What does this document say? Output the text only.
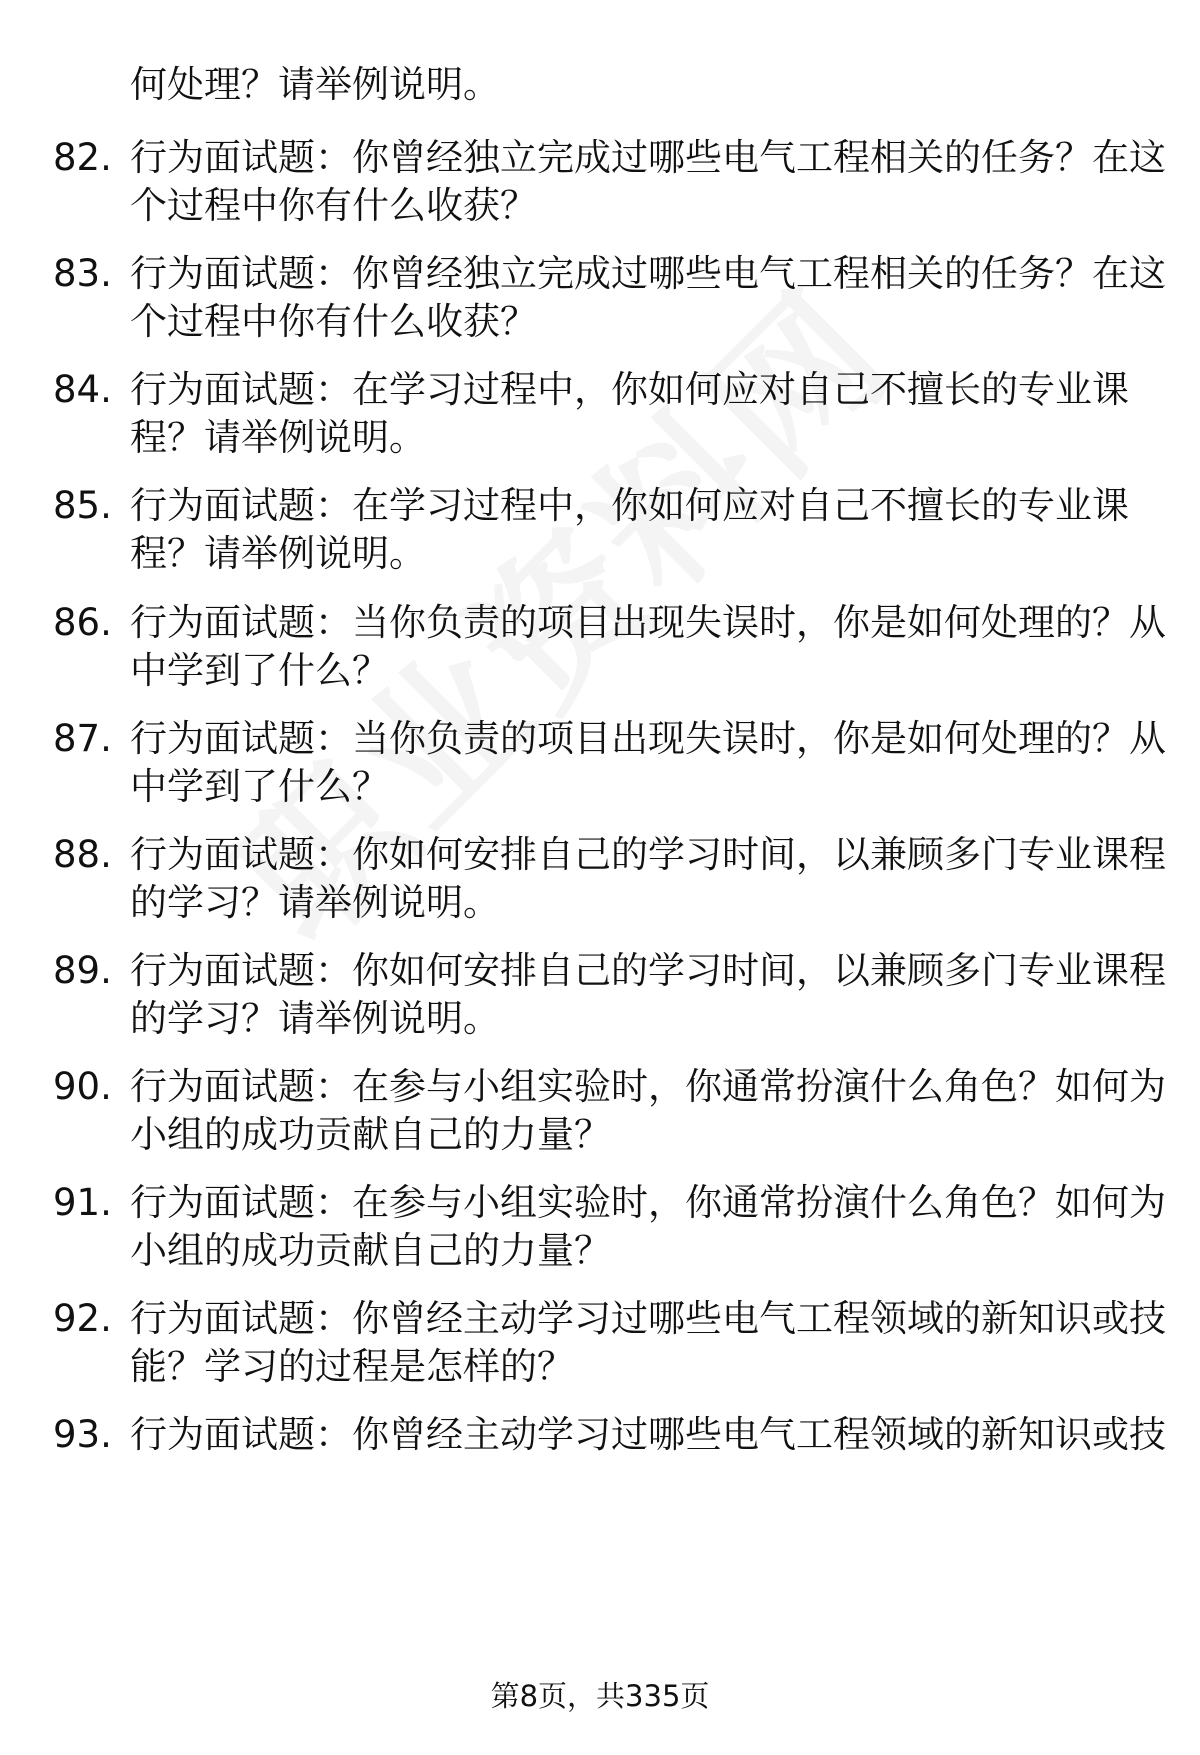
何处理？请举例说明。
82. 行为面试题：你曾经独立完成过哪些电气工程相关的任务？在这
个过程中你有什么收获？
83. 行为面试题：你曾经独立完成过哪些电气工程相关的任务？在这
个过程中你有什么收获？
84. 行为面试题：在学习过程中，你如何应对自己不擅长的专业课
程？请举例说明。
85. 行为面试题：在学习过程中，你如何应对自己不擅长的专业课
程？请举例说明。
86. 行为面试题：当你负责的项目出现失误时，你是如何处理的？从
中学到了什么？
87. 行为面试题：当你负责的项目出现失误时，你是如何处理的？从
中学到了什么？
88. 行为面试题：你如何安排自己的学习时间，以兼顾多门专业课程
的学习？请举例说明。
89. 行为面试题：你如何安排自己的学习时间，以兼顾多门专业课程
的学习？请举例说明。
90. 行为面试题：在参与小组实验时，你通常扮演什么角色？如何为
小组的成功贡献自己的力量？
91. 行为面试题：在参与小组实验时，你通常扮演什么角色？如何为
小组的成功贡献自己的力量？
92. 行为面试题：你曾经主动学习过哪些电气工程领域的新知识或技
能？学习的过程是怎样的？
93. 行为面试题：你曾经主动学习过哪些电气工程领域的新知识或技
第8页，共335页
